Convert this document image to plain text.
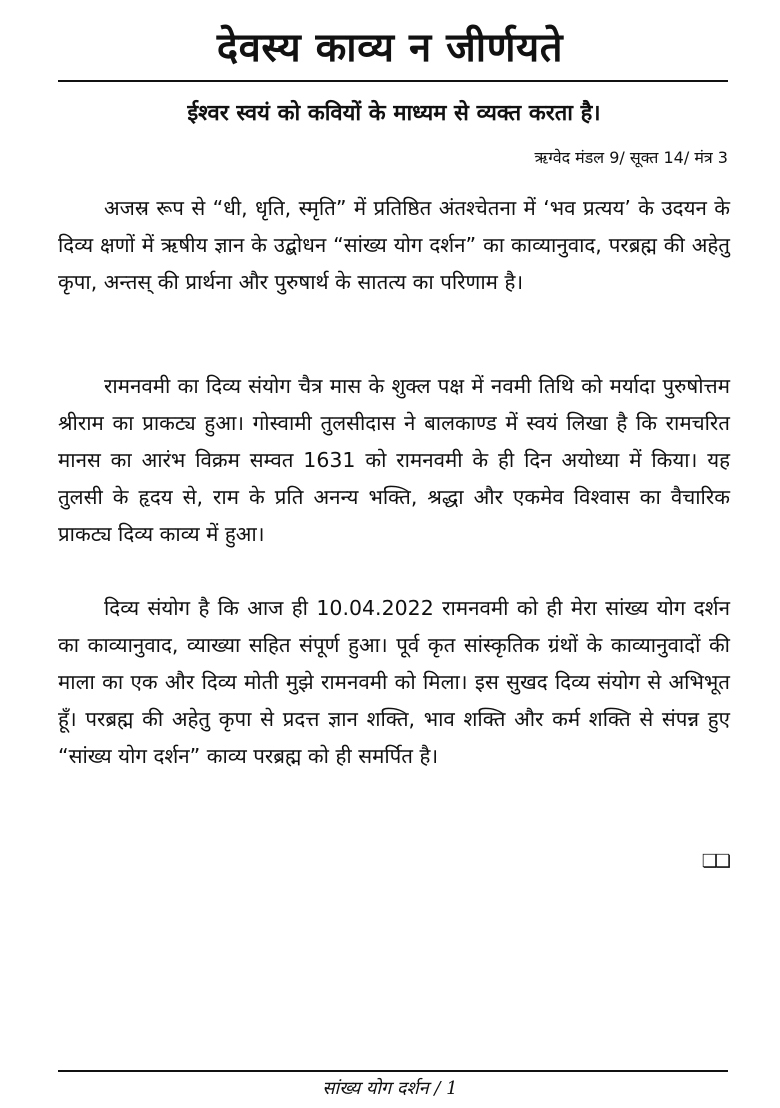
देवस्य काव्य न जीर्णयते
ईश्वर स्वयं को कवियों के माध्यम से व्यक्त करता है।
ऋग्वेद मंडल 9/ सूक्त 14/ मंत्र 3

अजस्र रूप से “धी, धृति, स्मृति” में प्रतिष्ठित अंतश्चेतना में ‘भव प्रत्यय’ के उदयन के दिव्य क्षणों में ऋषीय ज्ञान के उद्बोधन “सांख्य योग दर्शन” का काव्यानुवाद, परब्रह्म की अहेतु कृपा, अन्तस् की प्रार्थना और पुरुषार्थ के सातत्य का परिणाम है।

रामनवमी का दिव्य संयोग चैत्र मास के शुक्ल पक्ष में नवमी तिथि को मर्यादा पुरुषोत्तम श्रीराम का प्राकट्य हुआ। गोस्वामी तुलसीदास ने बालकाण्ड में स्वयं लिखा है कि रामचरित मानस का आरंभ विक्रम सम्वत 1631 को रामनवमी के ही दिन अयोध्या में किया। यह तुलसी के हृदय से, राम के प्रति अनन्य भक्ति, श्रद्धा और एकमेव विश्वास का वैचारिक प्राकट्य दिव्य काव्य में हुआ।

दिव्य संयोग है कि आज ही 10.04.2022 रामनवमी को ही मेरा सांख्य योग दर्शन का काव्यानुवाद, व्याख्या सहित संपूर्ण हुआ। पूर्व कृत सांस्कृतिक ग्रंथों के काव्यानुवादों की माला का एक और दिव्य मोती मुझे रामनवमी को मिला। इस सुखद दिव्य संयोग से अभिभूत हूँ। परब्रह्म की अहेतु कृपा से प्रदत्त ज्ञान शक्ति, भाव शक्ति और कर्म शक्ति से संपन्न हुए “सांख्य योग दर्शन” काव्य परब्रह्म को ही समर्पित है।

❏❏
सांख्य योग दर्शन / 1
